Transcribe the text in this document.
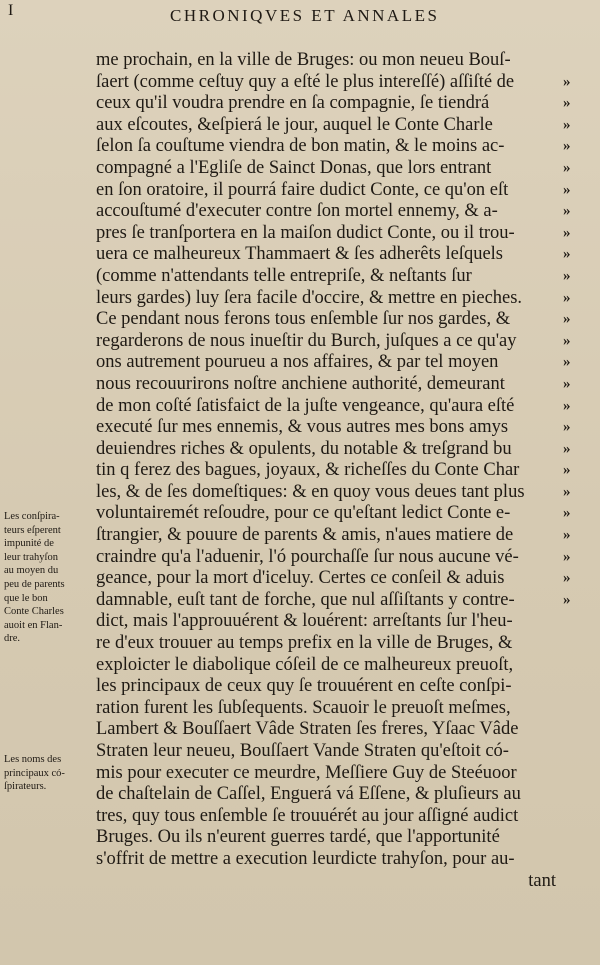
I	CHRONIQVES ET ANNALES
me prochain, en la ville de Bruges: ou mon neueu Bouſ-
ſaert (comme ceſtuy quy a eſté le plus intereſſé) aſſiſté de
ceux qu'il voudra prendre en ſa compagnie, ſe tiendrá
aux eſcoutes, &eſpierá le jour, auquel le Conte Charle
ſelon ſa couſtume viendra de bon matin, & le moins ac-
compagné a l'Egliſe de Sainct Donas, que lors entrant
en ſon oratoire, il pourrá faire dudict Conte, ce qu'on eſt
accouſtumé d'executer contre ſon mortel ennemy, & a-
pres ſe tranſportera en la maiſon dudict Conte, ou il trou-
uera ce malheureux Thammaert & ſes adherêts leſquels
(comme n'attendants telle entrepriſe, & neſtants ſur
leurs gardes) luy ſera facile d'occire, & mettre en pieches.
Ce pendant nous ferons tous enſemble ſur nos gardes, &
regarderons de nous inueſtir du Burch, juſques a ce qu'ay
ons autrement pourueu a nos affaires, & par tel moyen
nous recouurirons noſtre anchiene authorité, demeurant
de mon coſté ſatisfaict de la juſte vengeance, qu'aura eſté
executé ſur mes ennemis, & vous autres mes bons amys
deuiendres riches & opulents, du notable & treſgrand bu
tin q ferez des bagues, joyaux, & richeſſes du Conte Char
les, & de ſes domeſtiques: & en quoy vous deues tant plus
voluntairemét reſoudre, pour ce qu'eſtant ledict Conte e-
ſtrangier, & pouure de parents & amis, n'aues matiere de
craindre qu'a l'aduenir, l'ó pourchaſſe ſur nous aucune vé-
geance, pour la mort d'iceluy. Certes ce conſeil & aduis
damnable, euſt tant de forche, que nul aſſiſtants y contre-
dict, mais l'approuuérent & louérent: arreſtants ſur l'heu-
re d'eux trouuer au temps prefix en la ville de Bruges, &
exploicter le diabolique cóſeil de ce malheureux preuoſt,
les principaux de ceux quy ſe trouuérent en ceſte conſpi-
ration furent les ſubſequents. Scauoir le preuoſt meſmes,
Lambert & Bouſſaert Vâde Straten ſes freres, Yſaac Vâde
Straten leur neueu, Bouſſaert Vande Straten qu'eſtoit có-
mis pour executer ce meurdre, Meſſiere Guy de Steéuoor
de chaſtelain de Caſſel, Enguerá vá Eſſene, & pluſieurs au
tres, quy tous enſemble ſe trouuérét au jour aſſigné audict
Bruges. Ou ils n'eurent guerres tardé, que l'apportunité
s'offrit de mettre a execution leurdicte trahyſon, pour au-
tant
»
»
»
»
»
»
»
»
»
»
»
»
»
»
»
»
»
»
»
»
»
»
»
»
»
Les conſpira-
teurs eſperent
impunité de
leur trahyſon
au moyen du
peu de parents
que le bon
Conte Charles
auoit en Flan-
dre.
Les noms des
principaux có-
ſpirateurs.
